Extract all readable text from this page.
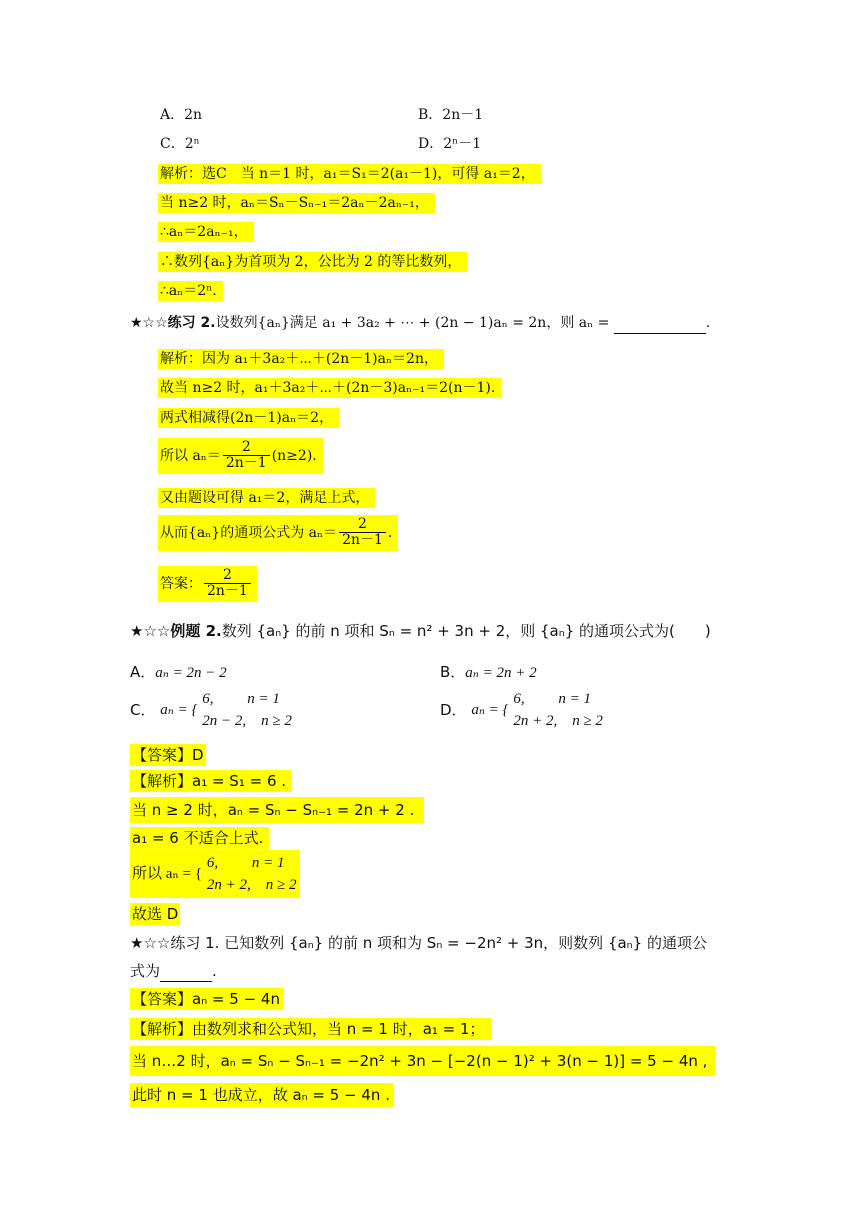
A．2n	B．2n－1
C．2ⁿ	D．2ⁿ－1
解析：选C　当 n＝1 时，a₁＝S₁＝2(a₁－1)，可得 a₁＝2，
当 n≥2 时，aₙ＝Sₙ－Sₙ₋₁＝2aₙ－2aₙ₋₁，
∴aₙ＝2aₙ₋₁，
∴数列{aₙ}为首项为 2，公比为 2 的等比数列，
∴aₙ＝2ⁿ.
★☆☆练习 2.设数列{aₙ}满足 a₁ + 3a₂ + ⋯ + (2n − 1)aₙ = 2n，则 aₙ =	.
解析：因为 a₁＋3a₂＋⋯＋(2n－1)aₙ＝2n，
故当 n≥2 时，a₁＋3a₂＋⋯＋(2n－3)aₙ₋₁＝2(n－1).
两式相减得(2n－1)aₙ＝2，
所以 $a_n= \frac{2}{2n-1} (n\ge 2)$.
又由题设可得 a₁＝2，满足上式，
从而{aₙ}的通项公式为 $a_n= \frac{2}{2n-1}$ .
答案： $\frac{2}{2n-1}$
★☆☆例题 2.数列 {aₙ} 的前 n 项和 Sₙ = n² + 3n + 2，则 {aₙ} 的通项公式为(　　)
A．aₙ = 2n − 2	B．aₙ = 2n + 2
C． aₙ = {
6,　　 n = 1
2n − 2,　n ≥ 2
D． aₙ = {
6,　　 n = 1
2n + 2,　n ≥ 2
【答案】D
【解析】a₁ = S₁ = 6 .
当 n ≥ 2 时，aₙ = Sₙ − Sₙ₋₁ = 2n + 2 .
a₁ = 6 不适合上式.
所以 aₙ = {
6,　　 n = 1
2n + 2,　n ≥ 2
故选 D
★☆☆练习 1. 已知数列 {aₙ} 的前 n 项和为 Sₙ = −2n² + 3n，则数列 {aₙ} 的通项公
式为	.
【答案】aₙ = 5 − 4n
【解析】由数列求和公式知，当 n = 1 时，a₁ = 1；
当 n…2 时，aₙ = Sₙ − Sₙ₋₁ = −2n² + 3n − [−2(n − 1)² + 3(n − 1)] = 5 − 4n ,
此时 n = 1 也成立，故 aₙ = 5 − 4n .
